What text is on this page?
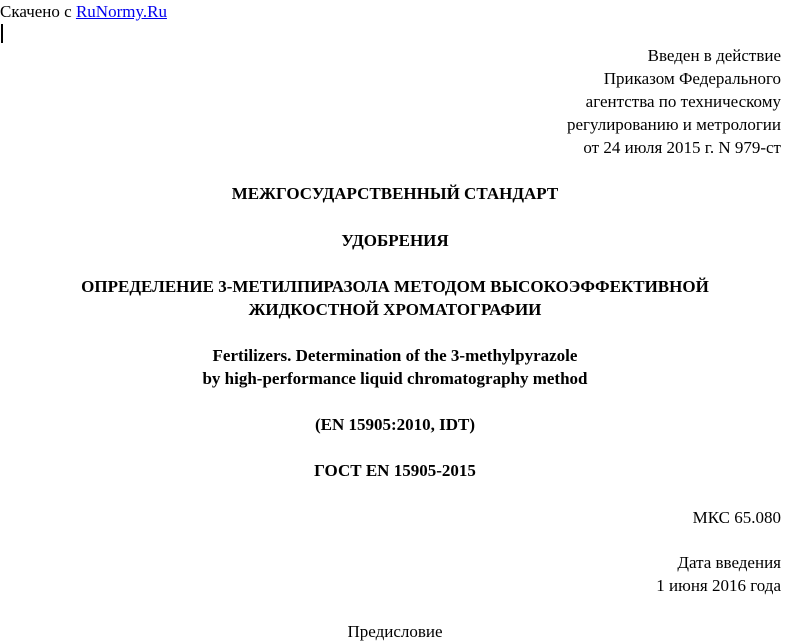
Скачено с RuNormy.Ru
Введен в действие
Приказом Федерального
агентства по техническому
регулированию и метрологии
от 24 июля 2015 г. N 979-ст
МЕЖГОСУДАРСТВЕННЫЙ СТАНДАРТ
УДОБРЕНИЯ
ОПРЕДЕЛЕНИЕ 3-МЕТИЛПИРАЗОЛА МЕТОДОМ ВЫСОКОЭФФЕКТИВНОЙ
ЖИДКОСТНОЙ ХРОМАТОГРАФИИ
Fertilizers. Determination of the 3-methylpyrazole
by high-performance liquid chromatography method
(EN 15905:2010, IDT)
ГОСТ EN 15905-2015
МКС 65.080
Дата введения
1 июня 2016 года
Предисловие
